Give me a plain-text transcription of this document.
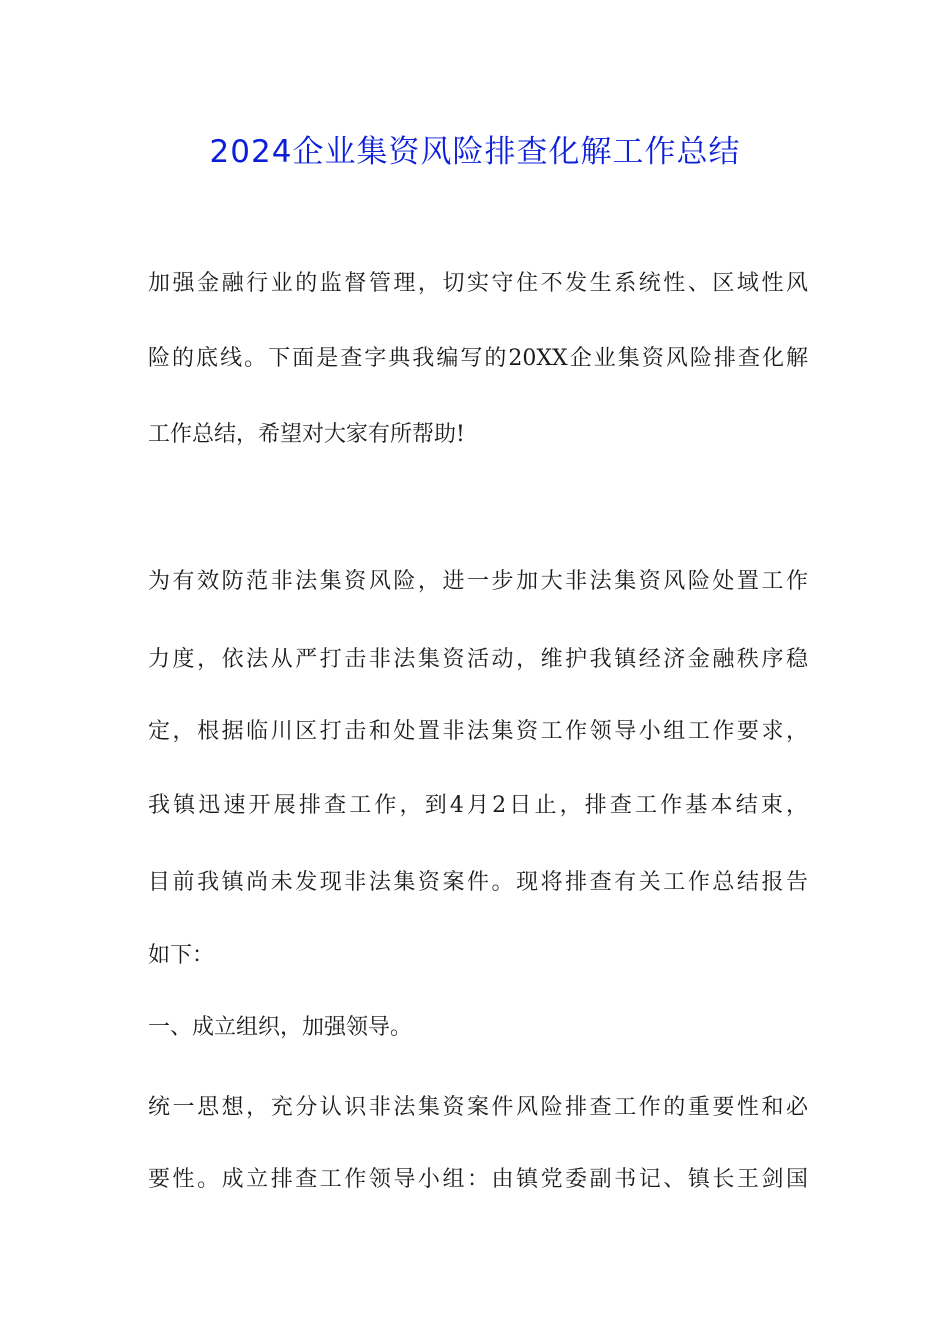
2024企业集资风险排查化解工作总结
加强金融行业的监督管理，切实守住不发生系统性、区域性风
险的底线。下面是查字典我编写的20XX企业集资风险排查化解
工作总结，希望对大家有所帮助!
为有效防范非法集资风险，进一步加大非法集资风险处置工作
力度，依法从严打击非法集资活动，维护我镇经济金融秩序稳
定，根据临川区打击和处置非法集资工作领导小组工作要求，
我镇迅速开展排查工作，到4月2日止，排查工作基本结束，
目前我镇尚未发现非法集资案件。现将排查有关工作总结报告
如下：
一、成立组织，加强领导。
统一思想，充分认识非法集资案件风险排查工作的重要性和必
要性。成立排查工作领导小组：由镇党委副书记、镇长王剑国
